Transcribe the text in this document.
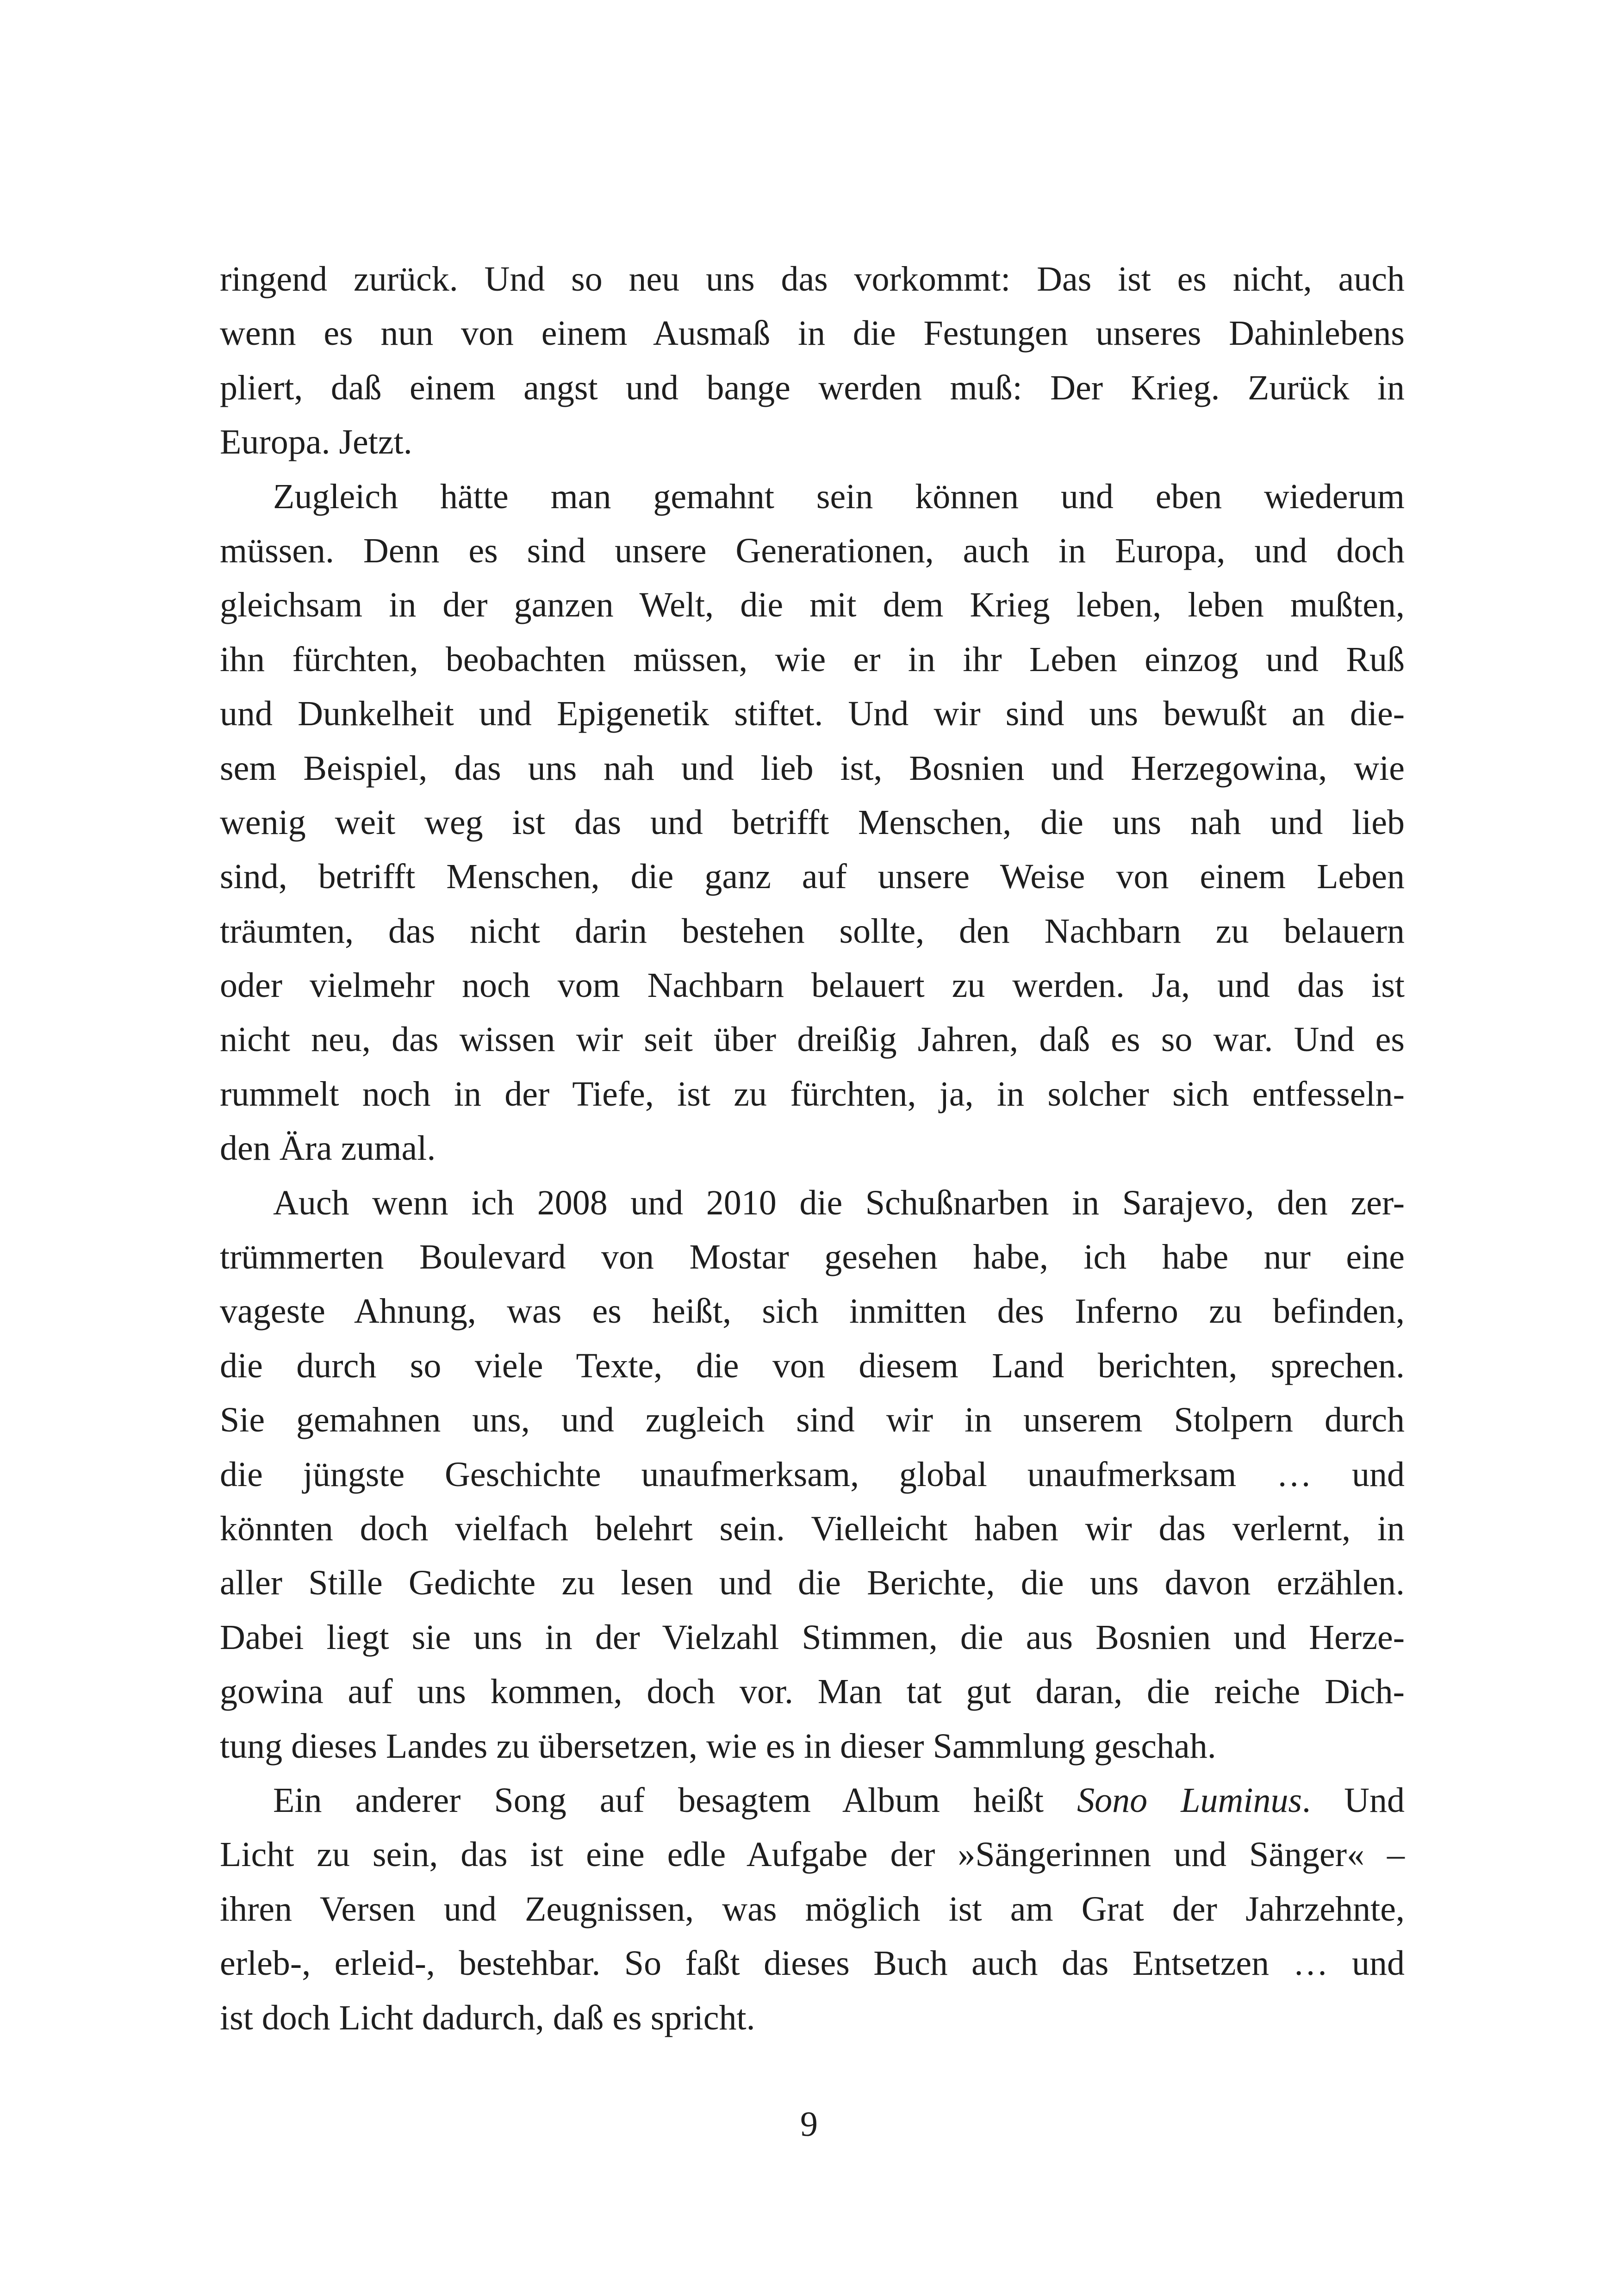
ringend zurück. Und so neu uns das vorkommt: Das ist es nicht, auch
wenn es nun von einem Ausmaß in die Festungen unseres Dahinlebens
pliert, daß einem angst und bange werden muß: Der Krieg. Zurück in
Europa. Jetzt.
Zugleich hätte man gemahnt sein können und eben wiederum
müssen. Denn es sind unsere Generationen, auch in Europa, und doch
gleichsam in der ganzen Welt, die mit dem Krieg leben, leben mußten,
ihn fürchten, beobachten müssen, wie er in ihr Leben einzog und Ruß
und Dunkelheit und Epigenetik stiftet. Und wir sind uns bewußt an die-
sem Beispiel, das uns nah und lieb ist, Bosnien und Herzegowina, wie
wenig weit weg ist das und betrifft Menschen, die uns nah und lieb
sind, betrifft Menschen, die ganz auf unsere Weise von einem Leben
träumten, das nicht darin bestehen sollte, den Nachbarn zu belauern
oder vielmehr noch vom Nachbarn belauert zu werden. Ja, und das ist
nicht neu, das wissen wir seit über dreißig Jahren, daß es so war. Und es
rummelt noch in der Tiefe, ist zu fürchten, ja, in solcher sich entfesseln-
den Ära zumal.
Auch wenn ich 2008 und 2010 die Schußnarben in Sarajevo, den zer-
trümmerten Boulevard von Mostar gesehen habe, ich habe nur eine
vageste Ahnung, was es heißt, sich inmitten des Inferno zu befinden,
die durch so viele Texte, die von diesem Land berichten, sprechen.
Sie gemahnen uns, und zugleich sind wir in unserem Stolpern durch
die jüngste Geschichte unaufmerksam, global unaufmerksam … und
könnten doch vielfach belehrt sein. Vielleicht haben wir das verlernt, in
aller Stille Gedichte zu lesen und die Berichte, die uns davon erzählen.
Dabei liegt sie uns in der Vielzahl Stimmen, die aus Bosnien und Herze-
gowina auf uns kommen, doch vor. Man tat gut daran, die reiche Dich-
tung dieses Landes zu übersetzen, wie es in dieser Sammlung geschah.
Ein anderer Song auf besagtem Album heißt Sono Luminus. Und
Licht zu sein, das ist eine edle Aufgabe der »Sängerinnen und Sänger« –
ihren Versen und Zeugnissen, was möglich ist am Grat der Jahrzehnte,
erleb-, erleid-, bestehbar. So faßt dieses Buch auch das Entsetzen … und
ist doch Licht dadurch, daß es spricht.
9
